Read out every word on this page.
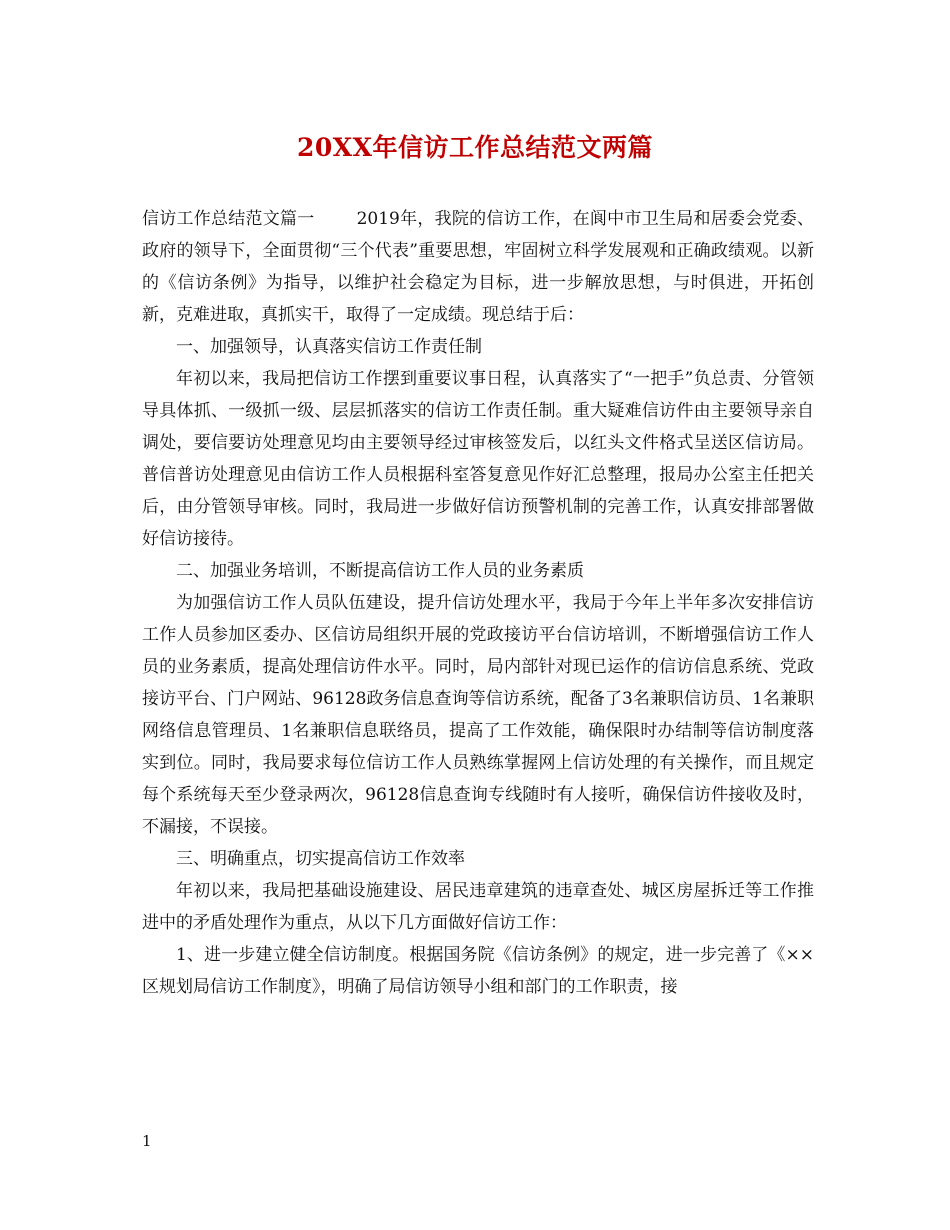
20XX年信访工作总结范文两篇

信访工作总结范文篇一 2019年，我院的信访工作，在阆中市卫生局和居委会党委、政府的领导下，全面贯彻“三个代表”重要思想，牢固树立科学发展观和正确政绩观。以新的《信访条例》为指导，以维护社会稳定为目标，进一步解放思想，与时俱进，开拓创新，克难进取，真抓实干，取得了一定成绩。现总结于后：

一、加强领导，认真落实信访工作责任制

年初以来，我局把信访工作摆到重要议事日程，认真落实了“一把手”负总责、分管领导具体抓、一级抓一级、层层抓落实的信访工作责任制。重大疑难信访件由主要领导亲自调处，要信要访处理意见均由主要领导经过审核签发后，以红头文件格式呈送区信访局。普信普访处理意见由信访工作人员根据科室答复意见作好汇总整理，报局办公室主任把关后，由分管领导审核。同时，我局进一步做好信访预警机制的完善工作，认真安排部署做好信访接待。

二、加强业务培训，不断提高信访工作人员的业务素质

为加强信访工作人员队伍建设，提升信访处理水平，我局于今年上半年多次安排信访工作人员参加区委办、区信访局组织开展的党政接访平台信访培训，不断增强信访工作人员的业务素质，提高处理信访件水平。同时，局内部针对现已运作的信访信息系统、党政接访平台、门户网站、96128政务信息查询等信访系统，配备了3名兼职信访员、1名兼职网络信息管理员、1名兼职信息联络员，提高了工作效能，确保限时办结制等信访制度落实到位。同时，我局要求每位信访工作人员熟练掌握网上信访处理的有关操作，而且规定每个系统每天至少登录两次，96128信息查询专线随时有人接听，确保信访件接收及时，不漏接，不误接。

三、明确重点，切实提高信访工作效率

年初以来，我局把基础设施建设、居民违章建筑的违章查处、城区房屋拆迁等工作推进中的矛盾处理作为重点，从以下几方面做好信访工作：

1、进一步建立健全信访制度。根据国务院《信访条例》的规定，进一步完善了《××区规划局信访工作制度》，明确了局信访领导小组和部门的工作职责，接

1
